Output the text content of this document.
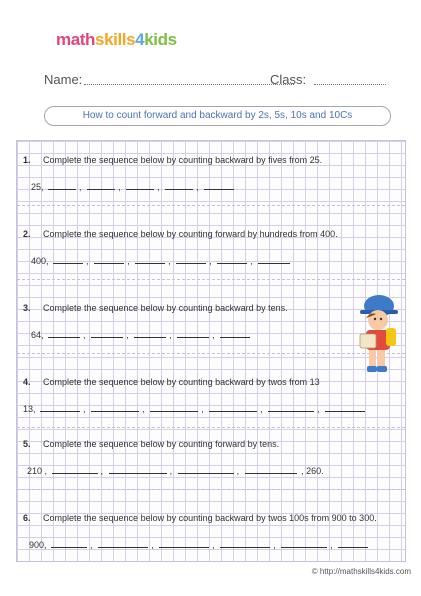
mathskills4kids
Name:	Class:
How to count forward and backward by 2s, 5s, 10s and 10Cs
1. Complete the sequence below by counting backward by fives from 25.
25,	,	,	,	,
2. Complete the sequence below by counting forward by hundreds from 400.
400,	,	,	,	,	,
3. Complete the sequence below by counting backward by tens.
64,	,	,	,	,
4. Complete the sequence below by counting backward by twos from 13
13,	,	,	,	,	,
5. Complete the sequence below by counting forward by tens.
210 ,	,	,	,	, 260.
6. Complete the sequence below by counting backward by twos 100s from 900 to 300.
900,	,	,	,	,	,
© http://mathskills4kids.com
